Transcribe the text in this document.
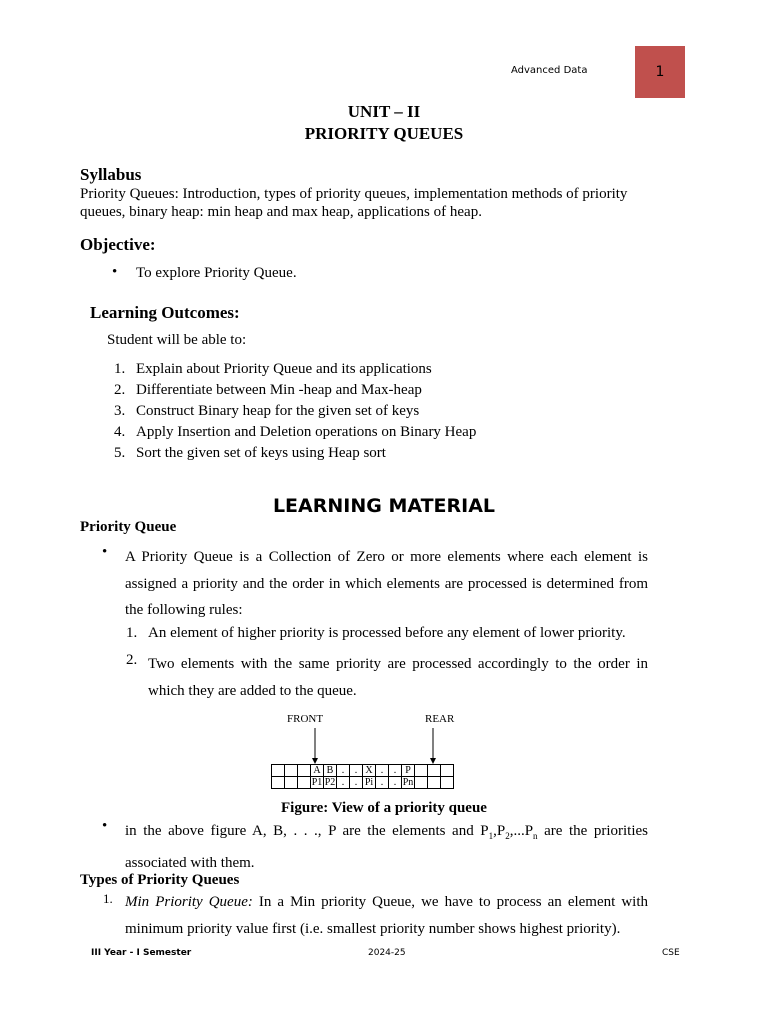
Advanced Data	1
UNIT – II
PRIORITY QUEUES
Syllabus
Priority Queues: Introduction, types of priority queues, implementation methods of priority queues, binary heap: min heap and max heap, applications of heap.
Objective:
• To explore Priority Queue.
Learning Outcomes:
Student will be able to:
1. Explain about Priority Queue and its applications
2. Differentiate between Min -heap and Max-heap
3. Construct Binary heap for the given set of keys
4. Apply Insertion and Deletion operations on Binary Heap
5. Sort the given set of keys using Heap sort
LEARNING MATERIAL
Priority Queue
• A Priority Queue is a Collection of Zero or more elements where each element is assigned a priority and the order in which elements are processed is determined from the following rules:
1. An element of higher priority is processed before any element of lower priority.
2. Two elements with the same priority are processed accordingly to the order in which they are added to the queue.
FRONT	REAR
			A	B	.	.	X	.	.	P			
			P1	P2	.	.	Pi	.	.	Pn			
Figure: View of a priority queue
• in the above figure A, B, . . ., P are the elements and $P_1,P_2,...P_n$ are the priorities associated with them.
Types of Priority Queues
1. Min Priority Queue: In a Min priority Queue, we have to process an element with minimum priority value first (i.e. smallest priority number shows highest priority).
III Year - I Semester	2024-25	CSE
